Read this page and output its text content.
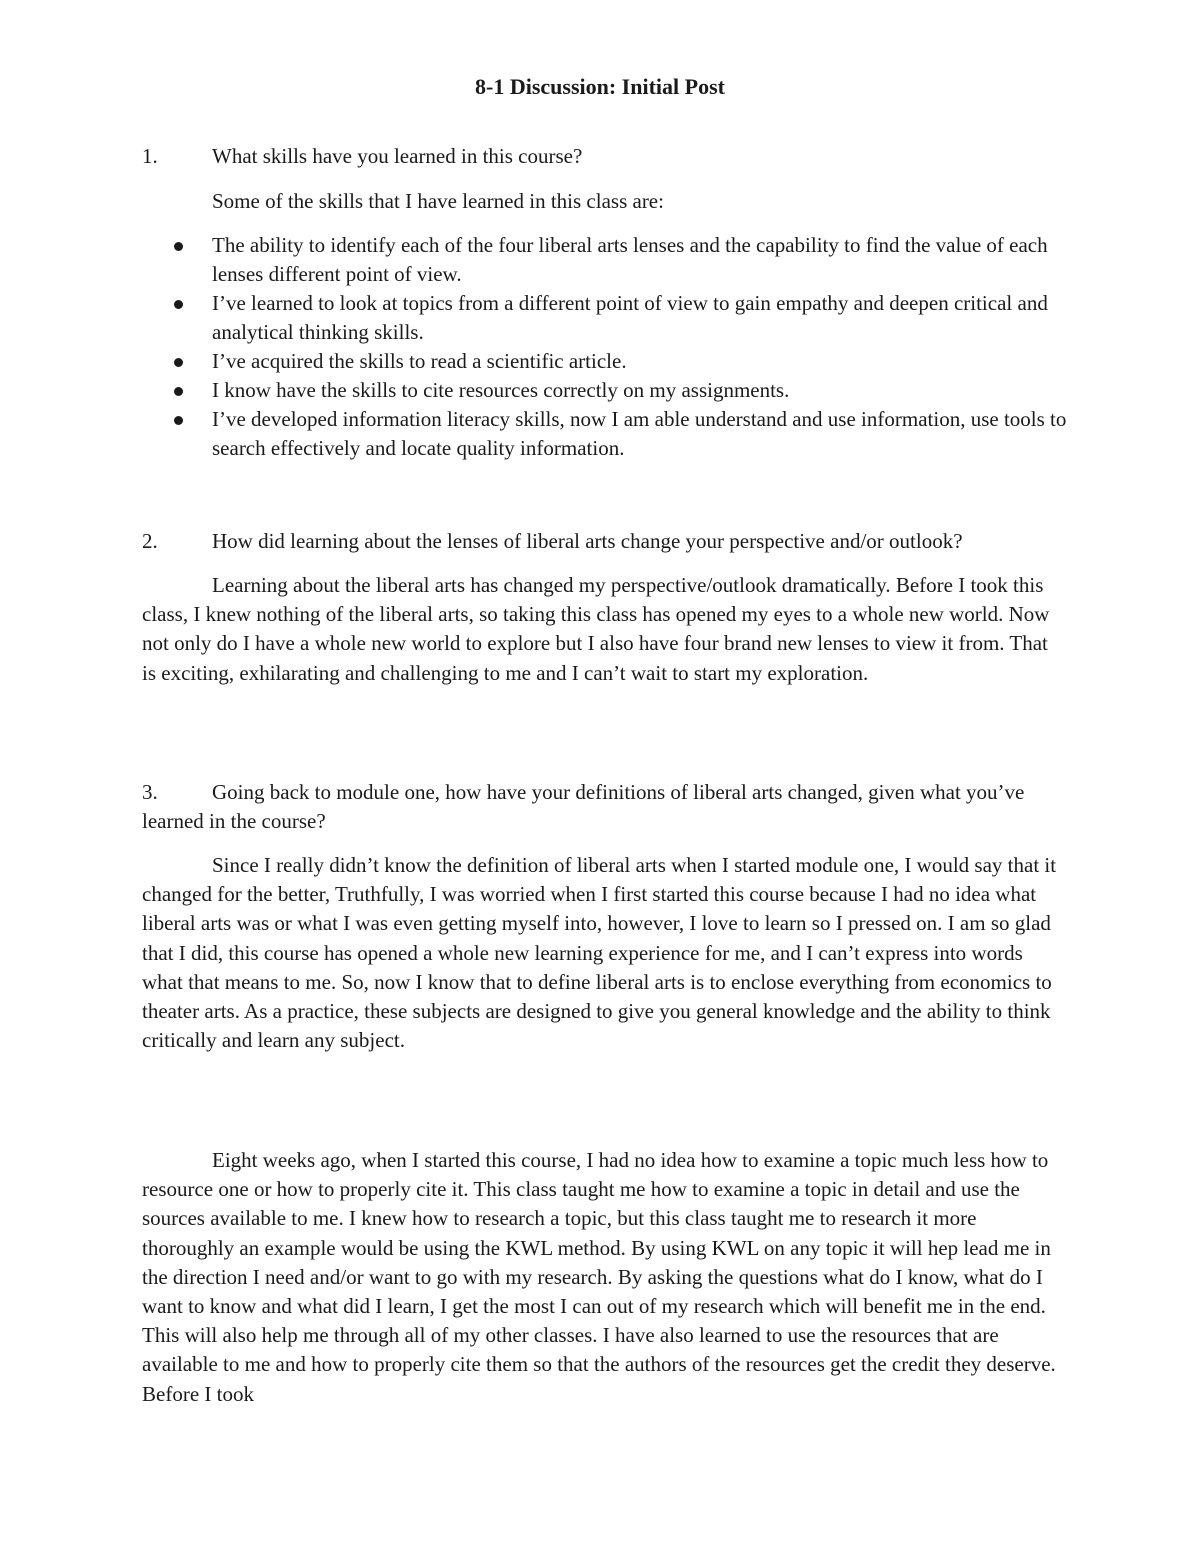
8-1 Discussion: Initial Post

1.	What skills have you learned in this course?

Some of the skills that I have learned in this class are:

The ability to identify each of the four liberal arts lenses and the capability to find the value of each lenses different point of view.
I’ve learned to look at topics from a different point of view to gain empathy and deepen critical and analytical thinking skills.
I’ve acquired the skills to read a scientific article.
I know have the skills to cite resources correctly on my assignments.
I’ve developed information literacy skills, now I am able understand and use information, use tools to search effectively and locate quality information.

2.	How did learning about the lenses of liberal arts change your perspective and/or outlook?

Learning about the liberal arts has changed my perspective/outlook dramatically. Before I took this class, I knew nothing of the liberal arts, so taking this class has opened my eyes to a whole new world. Now not only do I have a whole new world to explore but I also have four brand new lenses to view it from. That is exciting, exhilarating and challenging to me and I can’t wait to start my exploration.

3.	Going back to module one, how have your definitions of liberal arts changed, given what you’ve learned in the course?

Since I really didn’t know the definition of liberal arts when I started module one, I would say that it changed for the better, Truthfully, I was worried when I first started this course because I had no idea what liberal arts was or what I was even getting myself into, however, I love to learn so I pressed on. I am so glad that I did, this course has opened a whole new learning experience for me, and I can’t express into words what that means to me. So, now I know that to define liberal arts is to enclose everything from economics to theater arts. As a practice, these subjects are designed to give you general knowledge and the ability to think critically and learn any subject.

Eight weeks ago, when I started this course, I had no idea how to examine a topic much less how to resource one or how to properly cite it. This class taught me how to examine a topic in detail and use the sources available to me. I knew how to research a topic, but this class taught me to research it more thoroughly an example would be using the KWL method. By using KWL on any topic it will hep lead me in the direction I need and/or want to go with my research. By asking the questions what do I know, what do I want to know and what did I learn, I get the most I can out of my research which will benefit me in the end. This will also help me through all of my other classes. I have also learned to use the resources that are available to me and how to properly cite them so that the authors of the resources get the credit they deserve. Before I took
